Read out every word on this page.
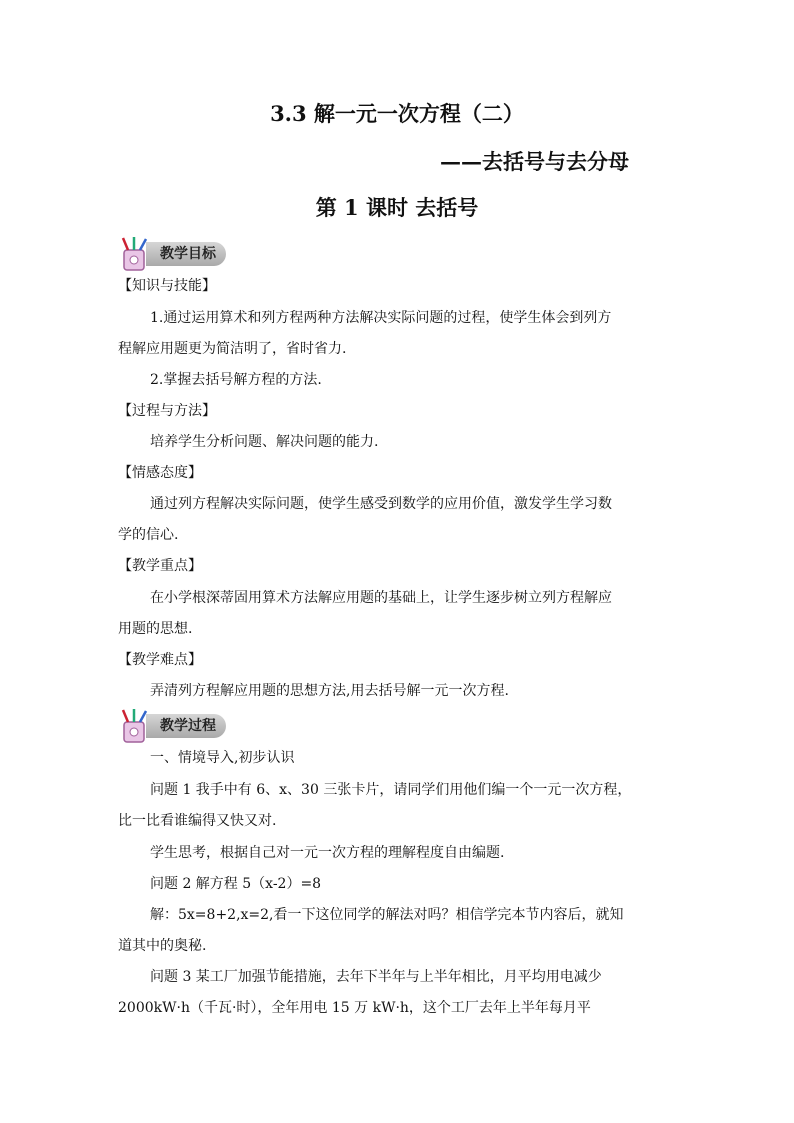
3.3 解一元一次方程（二）
——去括号与去分母
第 1 课时 去括号
教学目标
【知识与技能】
1.通过运用算术和列方程两种方法解决实际问题的过程，使学生体会到列方
程解应用题更为简洁明了，省时省力.
2.掌握去括号解方程的方法.
【过程与方法】
培养学生分析问题、解决问题的能力.
【情感态度】
通过列方程解决实际问题，使学生感受到数学的应用价值，激发学生学习数
学的信心.
【教学重点】
在小学根深蒂固用算术方法解应用题的基础上，让学生逐步树立列方程解应
用题的思想.
【教学难点】
弄清列方程解应用题的思想方法,用去括号解一元一次方程.
教学过程
一、情境导入,初步认识
问题 1 我手中有 6、x、30 三张卡片，请同学们用他们编一个一元一次方程，
比一比看谁编得又快又对.
学生思考，根据自己对一元一次方程的理解程度自由编题.
问题 2 解方程 5（x-2）=8
解：5x=8+2,x=2,看一下这位同学的解法对吗？相信学完本节内容后，就知
道其中的奥秘.
问题 3 某工厂加强节能措施，去年下半年与上半年相比，月平均用电减少
2000kW·h（千瓦·时），全年用电 15 万 kW·h，这个工厂去年上半年每月平
